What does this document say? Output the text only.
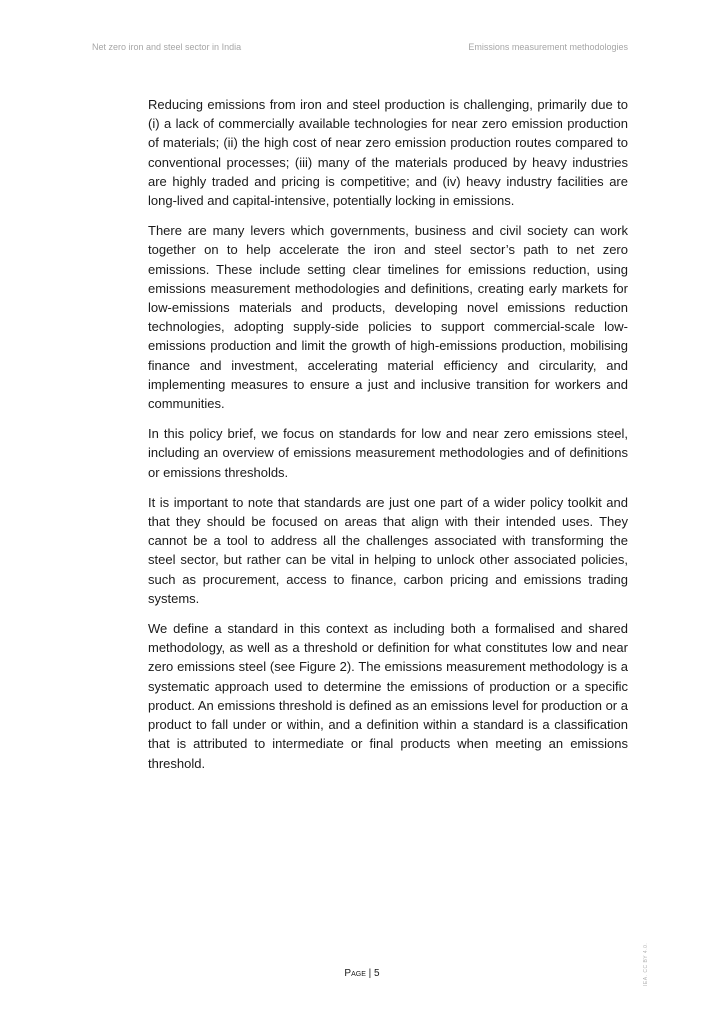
Net zero iron and steel sector in India	Emissions measurement methodologies

Reducing emissions from iron and steel production is challenging, primarily due to (i) a lack of commercially available technologies for near zero emission production of materials; (ii) the high cost of near zero emission production routes compared to conventional processes; (iii) many of the materials produced by heavy industries are highly traded and pricing is competitive; and (iv) heavy industry facilities are long-lived and capital-intensive, potentially locking in emissions.

There are many levers which governments, business and civil society can work together on to help accelerate the iron and steel sector’s path to net zero emissions. These include setting clear timelines for emissions reduction, using emissions measurement methodologies and definitions, creating early markets for low-emissions materials and products, developing novel emissions reduction technologies, adopting supply-side policies to support commercial-scale low-emissions production and limit the growth of high-emissions production, mobilising finance and investment, accelerating material efficiency and circularity, and implementing measures to ensure a just and inclusive transition for workers and communities.

In this policy brief, we focus on standards for low and near zero emissions steel, including an overview of emissions measurement methodologies and of definitions or emissions thresholds.

It is important to note that standards are just one part of a wider policy toolkit and that they should be focused on areas that align with their intended uses. They cannot be a tool to address all the challenges associated with transforming the steel sector, but rather can be vital in helping to unlock other associated policies, such as procurement, access to finance, carbon pricing and emissions trading systems.

We define a standard in this context as including both a formalised and shared methodology, as well as a threshold or definition for what constitutes low and near zero emissions steel (see Figure 2). The emissions measurement methodology is a systematic approach used to determine the emissions of production or a specific product. An emissions threshold is defined as an emissions level for production or a product to fall under or within, and a definition within a standard is a classification that is attributed to intermediate or final products when meeting an emissions threshold.

Page | 5	IEA. CC BY 4.0.
